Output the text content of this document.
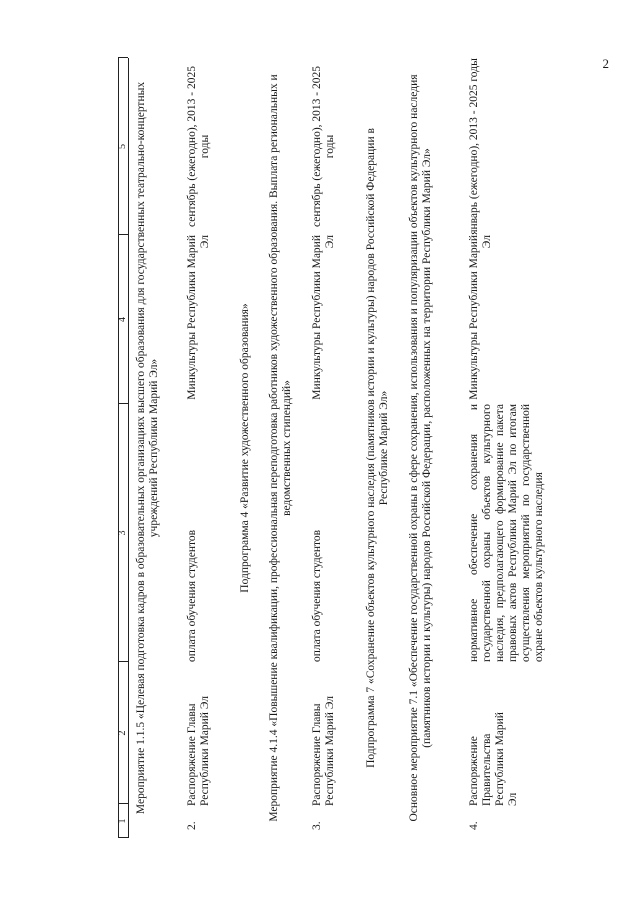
2
1
2
3
4
5 Мероприятие 1.1.5 «Целевая подготовка кадров в образовательных организациях высшего образования для государственных театрально-концертных учреждений Республики Марий Эл»
2.
Распоряжение Главы Республики Марий Эл
оплата обучения студентов
Минкультуры Республики Марий Эл
сентябрь (ежегодно), 2013 - 2025 годы
Подпрограмма 4 «Развитие художественного образования» Мероприятие 4.1.4 «Повышение квалификации, профессиональная переподготовка работников художественного образования. Выплата региональных и ведомственных стипендий»
3.
Распоряжение Главы Республики Марий Эл
оплата обучения студентов
Минкультуры Республики Марий Эл
сентябрь (ежегодно), 2013 - 2025 годы	Подпрограмма 7 «Сохранение объектов культурного наследия (памятников истории и культуры) народов Российской Федерации в Республике Марий Эл» Основное мероприятие 7.1 «Обеспечение государственной охраны в сфере сохранения, использования и популяризации объектов культурного наследия (памятников истории и культуры) народов Российской Федерации, расположенных на территории Республики Марий Эл»
4.
Распоряжение Правительства Республики Марий Эл
нормативное обеспечение сохранения и государственной охраны объектов культурного наследия, предполагающего формирование пакета правовых актов Республики Марий Эл по итогам осуществления мероприятий по государственной охране объектов культурного наследия
Минкультуры Республики Марий Эл
январь (ежегодно), 2013 - 2025 годы
